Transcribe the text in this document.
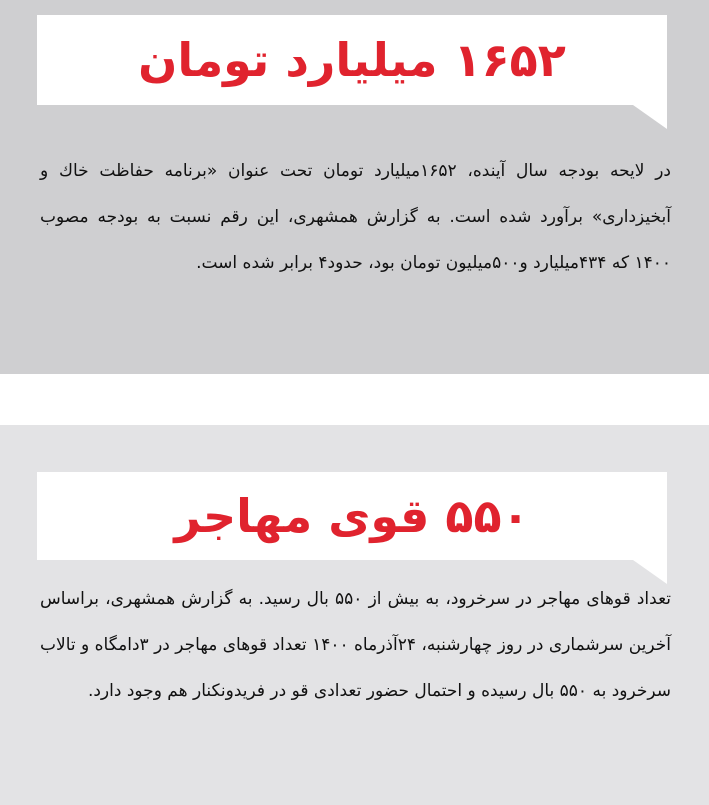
۱۶۵۲ میلیارد تومان

در لایحه بودجه سال آینده، ۱۶۵۲میلیارد تومان تحت عنوان «برنامه حفاظت خاك و آبخیزداری» برآورد شده است. به گزارش همشهری، این رقم نسبت به بودجه مصوب ۱۴۰۰ که ۴۳۴میلیارد و۵۰۰میلیون تومان بود، حدود۴ برابر شده است.

۵۵۰ قوی مهاجر

تعداد قوهای مهاجر در سرخرود، به بیش از ۵۵۰ بال رسید. به گزارش همشهری، براساس آخرین سرشماری در روز چهارشنبه، ۲۴آذرماه ۱۴۰۰ تعداد قوهای مهاجر در ۳دامگاه و تالاب سرخرود به ۵۵۰ بال رسیده و احتمال حضور تعدادی قو در فریدونکنار هم وجود دارد.
